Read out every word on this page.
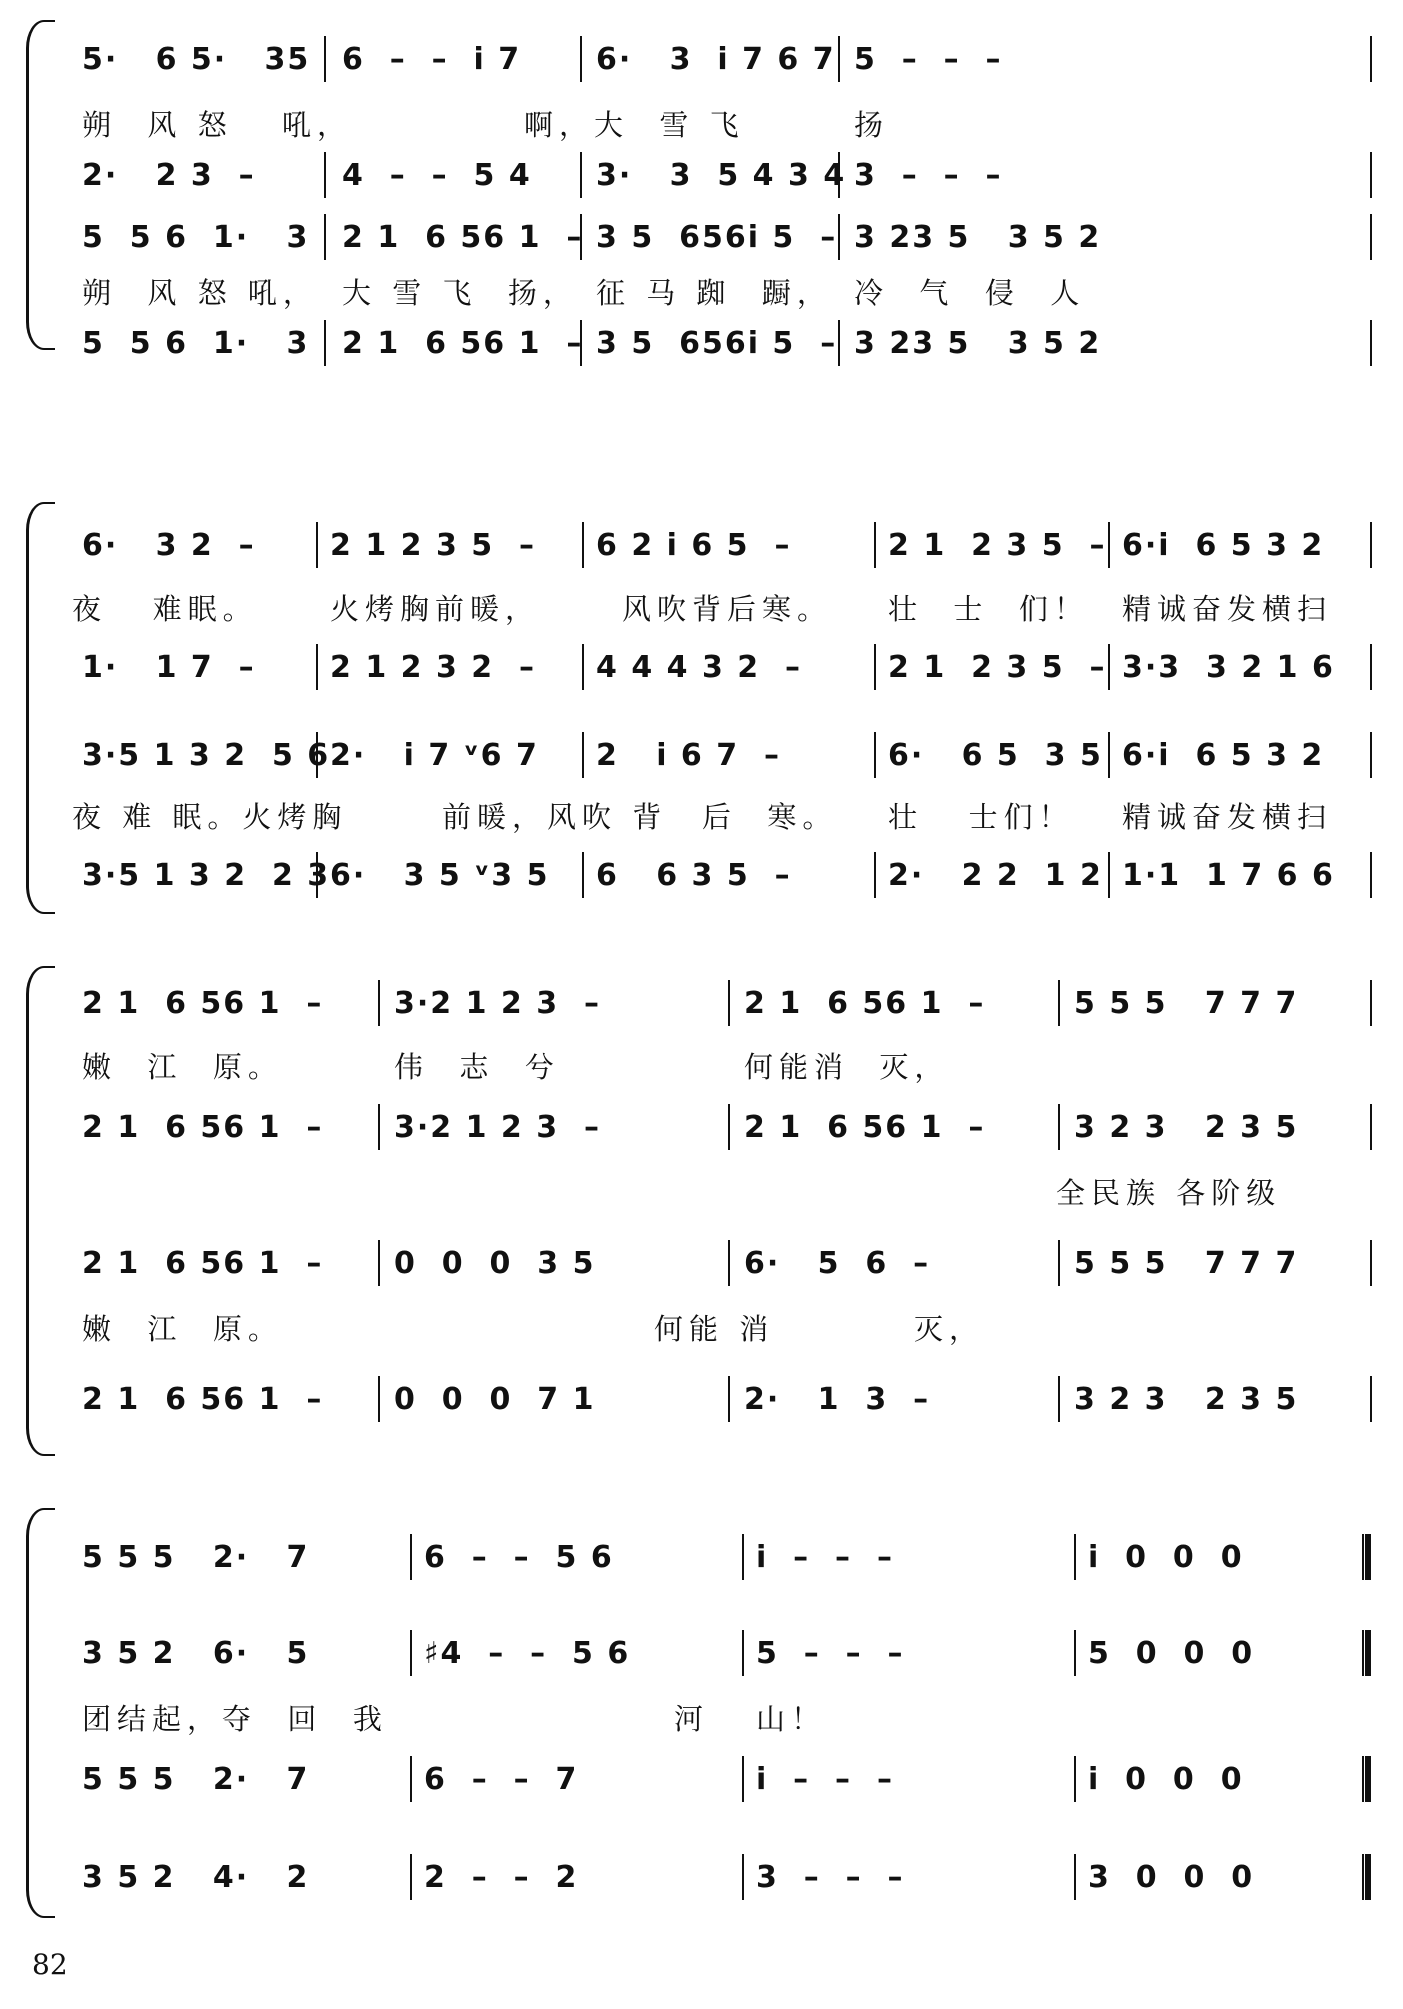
5·   6 5·   35 6  –  –  i 7 6·   3  i 7 6 7 5  –  –  –
朔  风 怒 吼，	啊，大  雪 飞	扬
2·   2 3  –	4  –  –  5 4 3·   3  5 4 3 4 3  –  –  –
5  5 6  1·   3 2 1  6 56 1  – 3 5  656i 5  – 3 23 5   3 5 2
朔  风 怒 吼， 大 雪 飞  扬， 征 马 踟  蹰， 冷  气  侵  人
5  5 6  1·   3 2 1  6 56 1  – 3 5  656i 5  – 3 23 5   3 5 2
6·   3 2  – 2 1 2 3 5  – 6 2 i 6 5  –	2 1  2 3 5  – 6·i  6 5 3 2
夜   难眠。 火烤胸前暖，	风吹背后寒。 壮  士  们！ 精诚奋发横扫
1·   1 7  – 2 1 2 3 2  – 4 4 4 3 2  –	2 1  2 3 5  – 3·3  3 2 1 6
3·5 1 3 2  5 6 2·   i 7 ᵛ6 7 2   i 6 7  –	6·   6 5  3 5 6·i  6 5 3 2
夜 难 眠。火烤胸	前暖，风吹 背 后  寒。 壮   士们！ 精诚奋发横扫
3·5 1 3 2  2 3 6·   3 5 ᵛ3 5 6   6 3 5  –	2·   2 2  1 2 1·1  1 7 6 6
2 1  6 56 1  – 3·2 1 2 3  –	2 1  6 56 1  –	5 5 5   7 7 7
嫩  江  原。	伟  志  兮	何能消  灭，
2 1  6 56 1  – 3·2 1 2 3  –	2 1  6 56 1  –	3 2 3   2 3 5
全民族 各阶级
2 1  6 56 1  – 0  0  0  3 5	6·   5  6  –	5 5 5   7 7 7
嫩  江  原。	何能 消	灭，
2 1  6 56 1  – 0  0  0  7 1	2·   1  3  –	3 2 3   2 3 5
5 5 5   2·   7	6  –  –  5 6	i  –  –  –	i  0  0  0
3 5 2   6·   5	♯4  –  –  5 6	5  –  –  –	5  0  0  0
团结起，夺  回  我	河 山！
5 5 5   2·   7	6  –  –  7	i  –  –  –	i  0  0  0
3 5 2   4·   2	2  –  –  2	3  –  –  –	3  0  0  0
82
